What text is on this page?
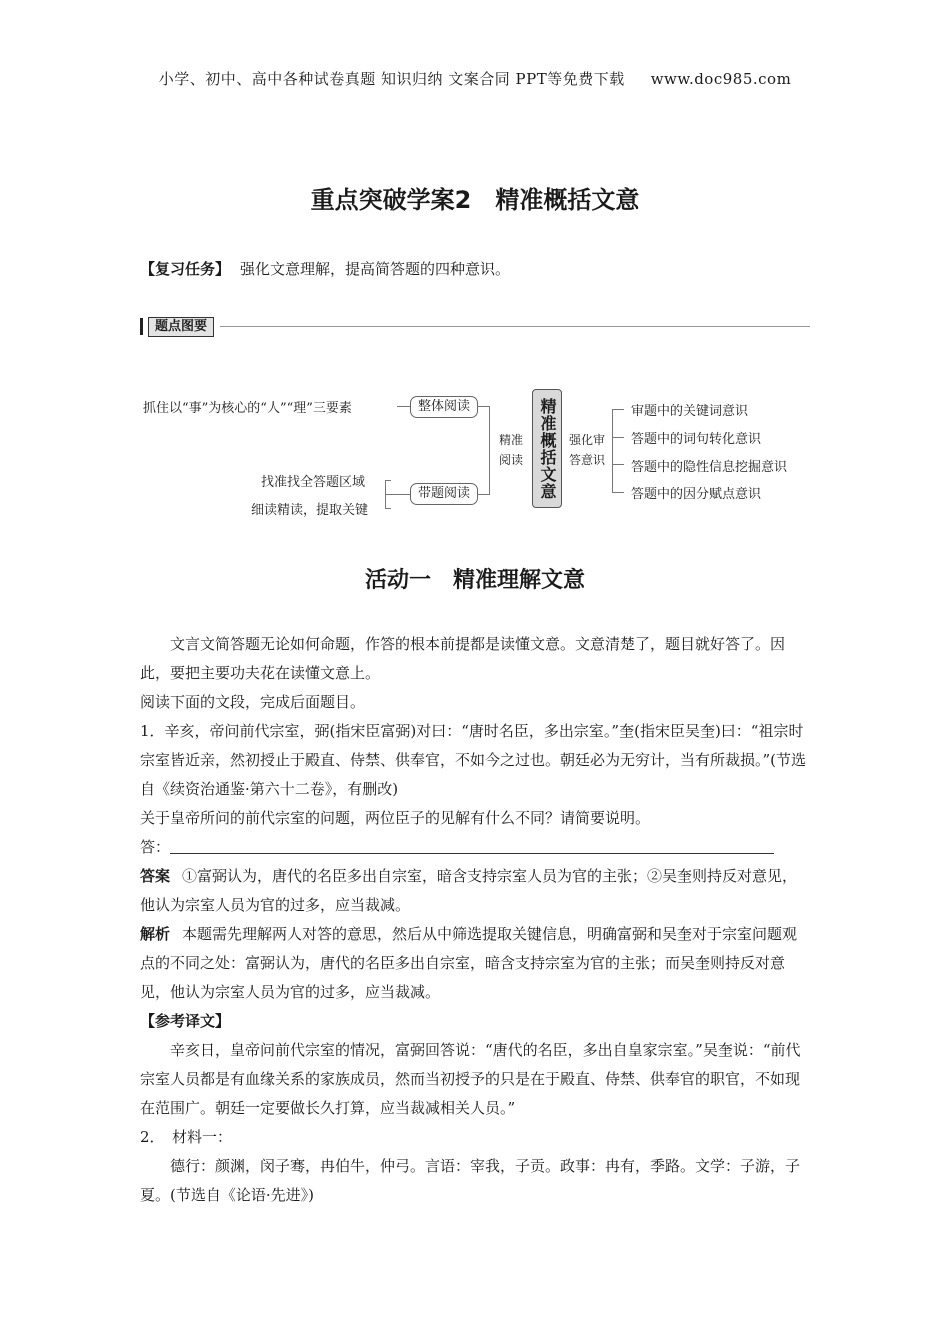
小学、初中、高中各种试卷真题 知识归纳 文案合同 PPT等免费下载 www.doc985.com
重点突破学案2　精准概括文意
【复习任务】 强化文意理解，提高简答题的四种意识。
题点图要
抓住以“事”为核心的“人”“理”三要素	整体阅读
找准找全答题区域
细读精读，提取关键
带题阅读
精准
阅读 精准概括文意 强化审
答意识
审题中的关键词意识
答题中的词句转化意识
答题中的隐性信息挖掘意识
答题中的因分赋点意识
活动一　精准理解文意

文言文简答题无论如何命题，作答的根本前提都是读懂文意。文意清楚了，题目就好答了。因此，要把主要功夫花在读懂文意上。

阅读下面的文段，完成后面题目。

1．辛亥，帝问前代宗室，弼(指宋臣富弼)对曰：“唐时名臣，多出宗室。”奎(指宋臣吴奎)曰：“祖宗时宗室皆近亲，然初授止于殿直、侍禁、供奉官，不如今之过也。朝廷必为无穷计，当有所裁损。”(节选自《续资治通鉴·第六十二卷》，有删改)

关于皇帝所问的前代宗室的问题，两位臣子的见解有什么不同？请简要说明。

答：

答案 ①富弼认为，唐代的名臣多出自宗室，暗含支持宗室人员为官的主张；②吴奎则持反对意见，他认为宗室人员为官的过多，应当裁减。

解析 本题需先理解两人对答的意思，然后从中筛选提取关键信息，明确富弼和吴奎对于宗室问题观点的不同之处：富弼认为，唐代的名臣多出自宗室，暗含支持宗室为官的主张；而吴奎则持反对意见，他认为宗室人员为官的过多，应当裁减。

【参考译文】

辛亥日，皇帝问前代宗室的情况，富弼回答说：“唐代的名臣，多出自皇家宗室。”吴奎说：“前代宗室人员都是有血缘关系的家族成员，然而当初授予的只是在于殿直、侍禁、供奉官的职官，不如现在范围广。朝廷一定要做长久打算，应当裁减相关人员。”

2．　材料一：

德行：颜渊，闵子骞，冉伯牛，仲弓。言语：宰我，子贡。政事：冉有，季路。文学：子游，子夏。(节选自《论语·先进》)
